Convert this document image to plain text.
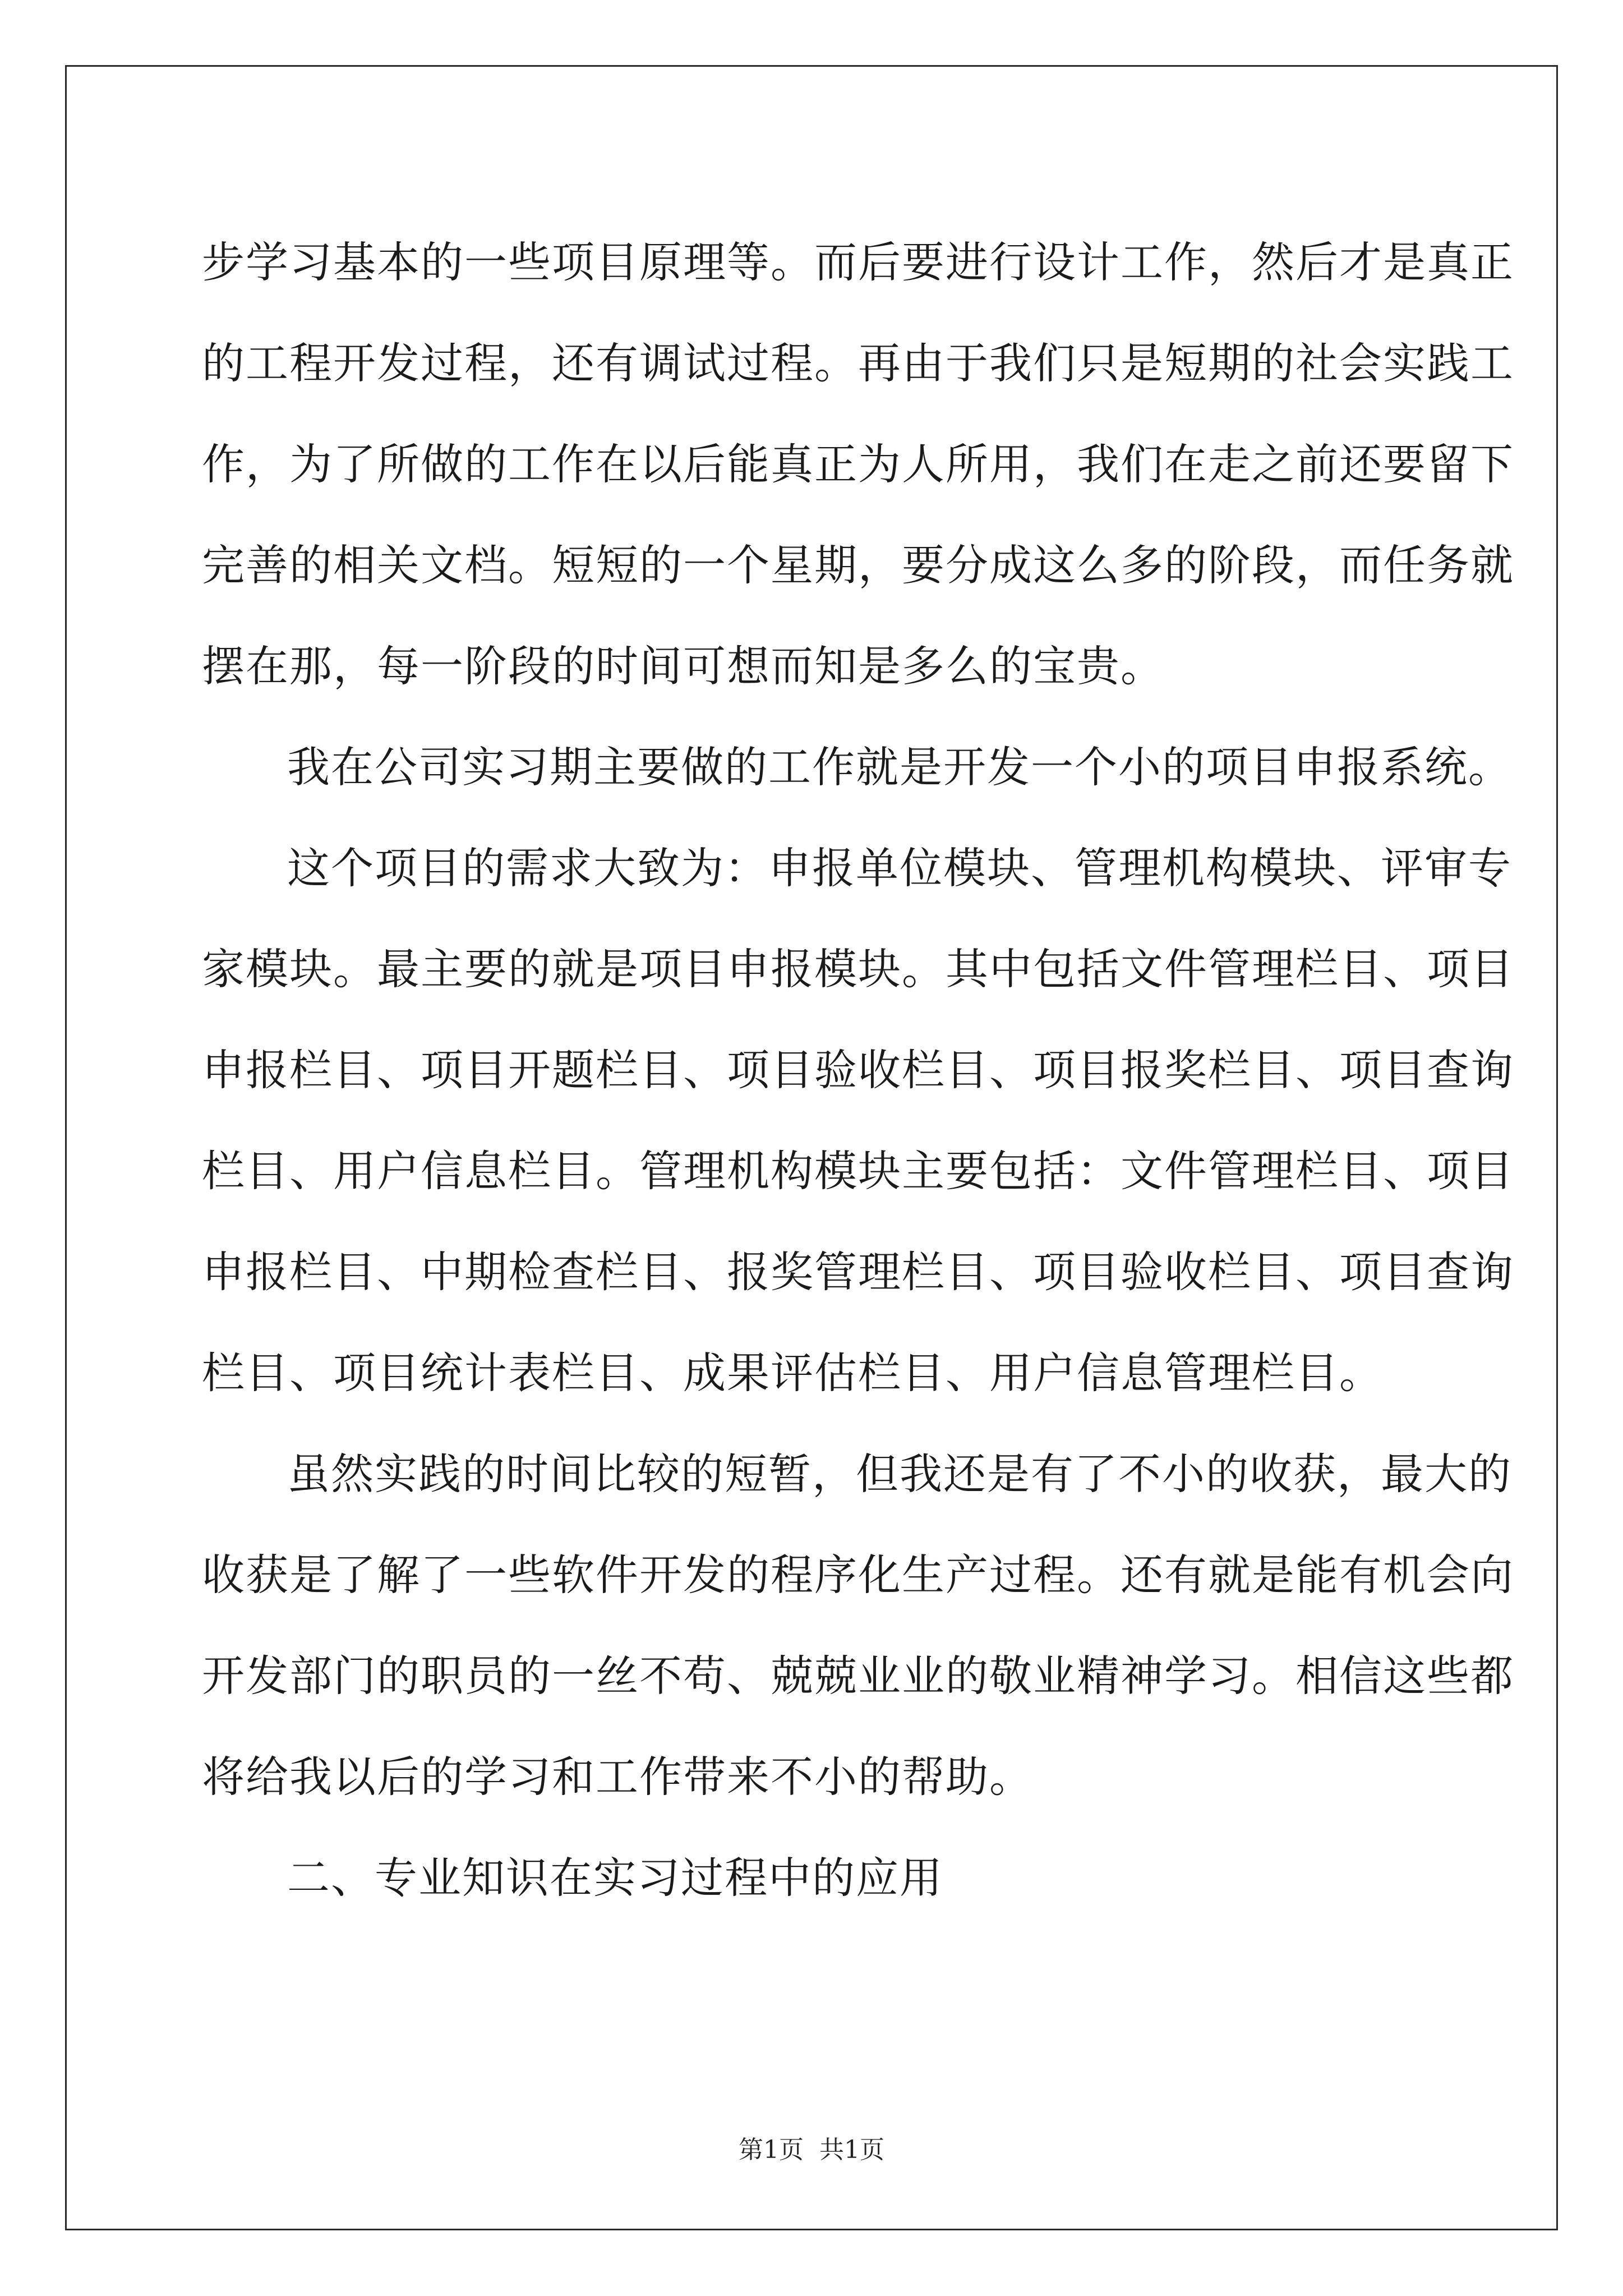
步学习基本的一些项目原理等。而后要进行设计工作，然后才是真正

的工程开发过程，还有调试过程。再由于我们只是短期的社会实践工

作，为了所做的工作在以后能真正为人所用，我们在走之前还要留下

完善的相关文档。短短的一个星期，要分成这么多的阶段，而任务就

摆在那，每一阶段的时间可想而知是多么的宝贵。

我在公司实习期主要做的工作就是开发一个小的项目申报系统。

这个项目的需求大致为：申报单位模块、管理机构模块、评审专

家模块。最主要的就是项目申报模块。其中包括文件管理栏目、项目

申报栏目、项目开题栏目、项目验收栏目、项目报奖栏目、项目查询

栏目、用户信息栏目。管理机构模块主要包括：文件管理栏目、项目

申报栏目、中期检查栏目、报奖管理栏目、项目验收栏目、项目查询

栏目、项目统计表栏目、成果评估栏目、用户信息管理栏目。

虽然实践的时间比较的短暂，但我还是有了不小的收获，最大的

收获是了解了一些软件开发的程序化生产过程。还有就是能有机会向

开发部门的职员的一丝不苟、兢兢业业的敬业精神学习。相信这些都

将给我以后的学习和工作带来不小的帮助。

二、专业知识在实习过程中的应用

第1页 共1页
